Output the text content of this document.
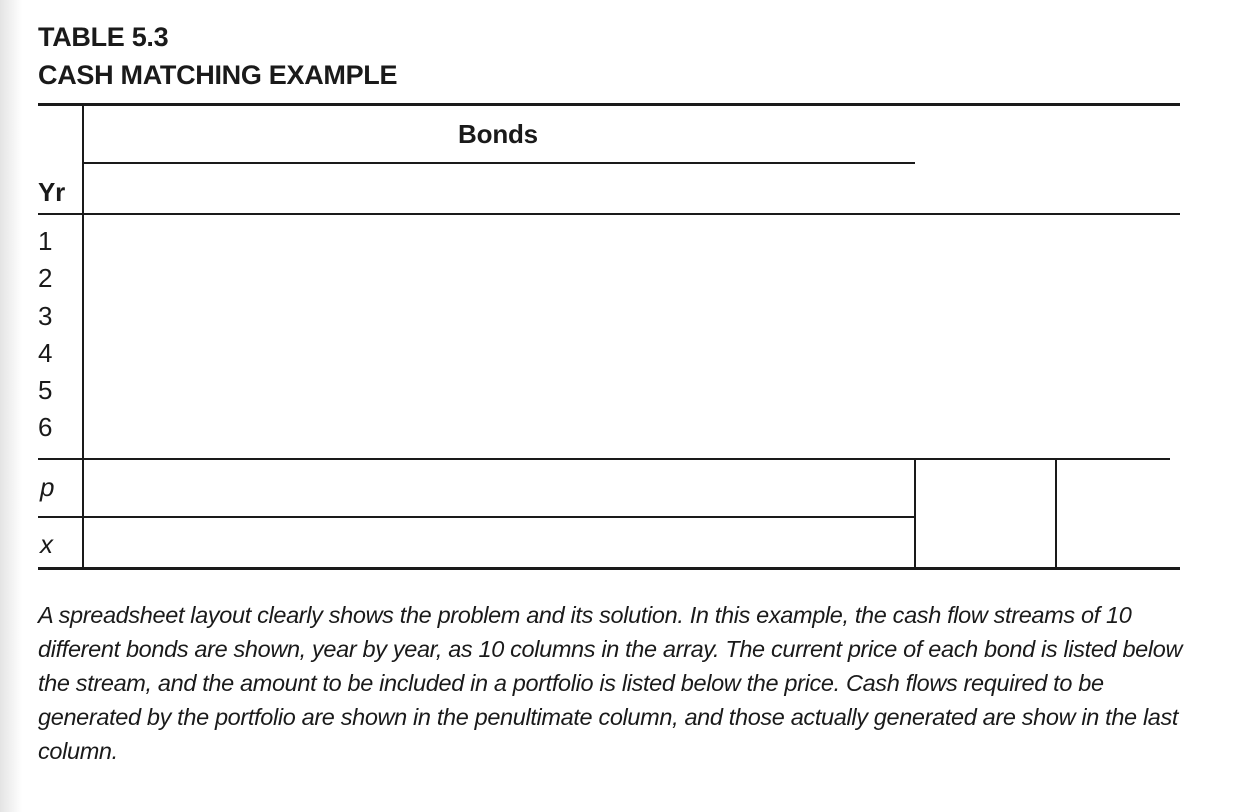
TABLE 5.3
CASH MATCHING EXAMPLE
Bonds
Yr
1
2
3
4
5
6
p
x

A spreadsheet layout clearly shows the problem and its solution. In this example, the cash flow streams of 10 different bonds are shown, year by year, as 10 columns in the array. The current price of each bond is listed below the stream, and the amount to be included in a portfolio is listed below the price. Cash flows required to be generated by the portfolio are shown in the penultimate column, and those actually generated are show in the last column.
